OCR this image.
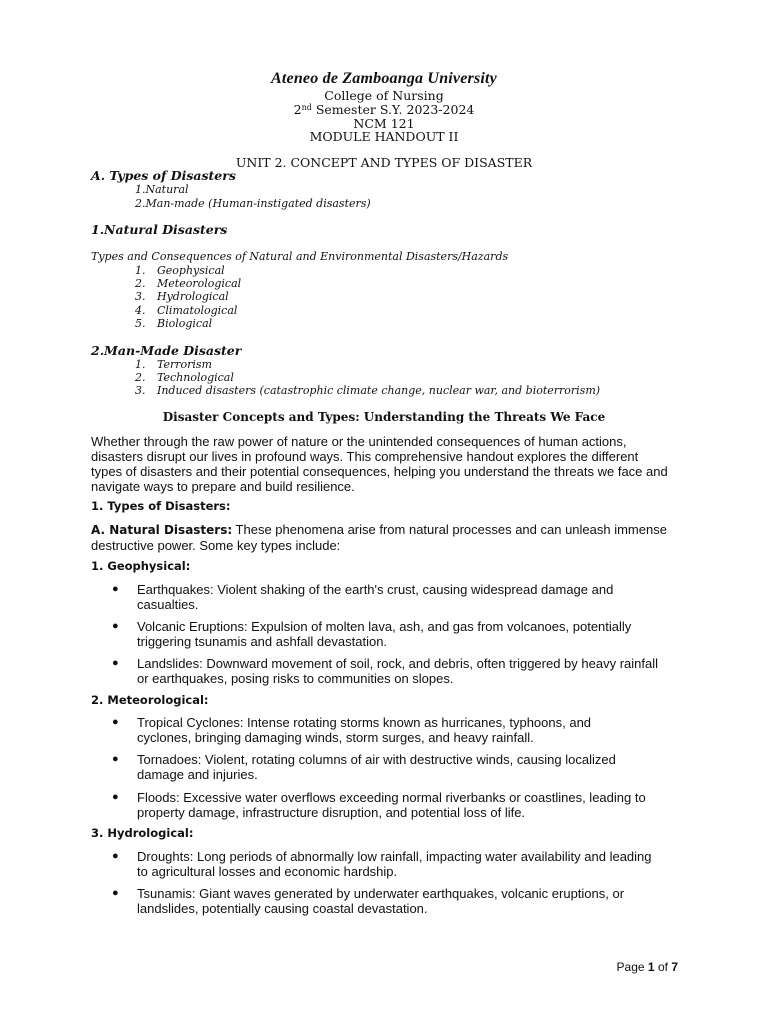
Ateneo de Zamboanga University
College of Nursing
2nd Semester S.Y. 2023-2024
NCM 121
MODULE HANDOUT II
UNIT 2. CONCEPT AND TYPES OF DISASTER
A. Types of Disasters
1.Natural
2.Man-made (Human-instigated disasters)
1.Natural Disasters
Types and Consequences of Natural and Environmental Disasters/Hazards
1. Geophysical
2. Meteorological
3. Hydrological
4. Climatological
5. Biological
2.Man-Made Disaster
1. Terrorism
2. Technological
3. Induced disasters (catastrophic climate change, nuclear war, and bioterrorism)
Disaster Concepts and Types: Understanding the Threats We Face
Whether through the raw power of nature or the unintended consequences of human actions,
disasters disrupt our lives in profound ways. This comprehensive handout explores the different
types of disasters and their potential consequences, helping you understand the threats we face and
navigate ways to prepare and build resilience.
1. Types of Disasters:
A. Natural Disasters: These phenomena arise from natural processes and can unleash immense
destructive power. Some key types include:
1. Geophysical:
● Earthquakes: Violent shaking of the earth's crust, causing widespread damage and
casualties.
● Volcanic Eruptions: Expulsion of molten lava, ash, and gas from volcanoes, potentially
triggering tsunamis and ashfall devastation.
● Landslides: Downward movement of soil, rock, and debris, often triggered by heavy rainfall
or earthquakes, posing risks to communities on slopes.
2. Meteorological:
● Tropical Cyclones: Intense rotating storms known as hurricanes, typhoons, and
cyclones, bringing damaging winds, storm surges, and heavy rainfall.
● Tornadoes: Violent, rotating columns of air with destructive winds, causing localized
damage and injuries.
● Floods: Excessive water overflows exceeding normal riverbanks or coastlines, leading to
property damage, infrastructure disruption, and potential loss of life.
3. Hydrological:
● Droughts: Long periods of abnormally low rainfall, impacting water availability and leading
to agricultural losses and economic hardship.
● Tsunamis: Giant waves generated by underwater earthquakes, volcanic eruptions, or
landslides, potentially causing coastal devastation.
Page 1 of 7
